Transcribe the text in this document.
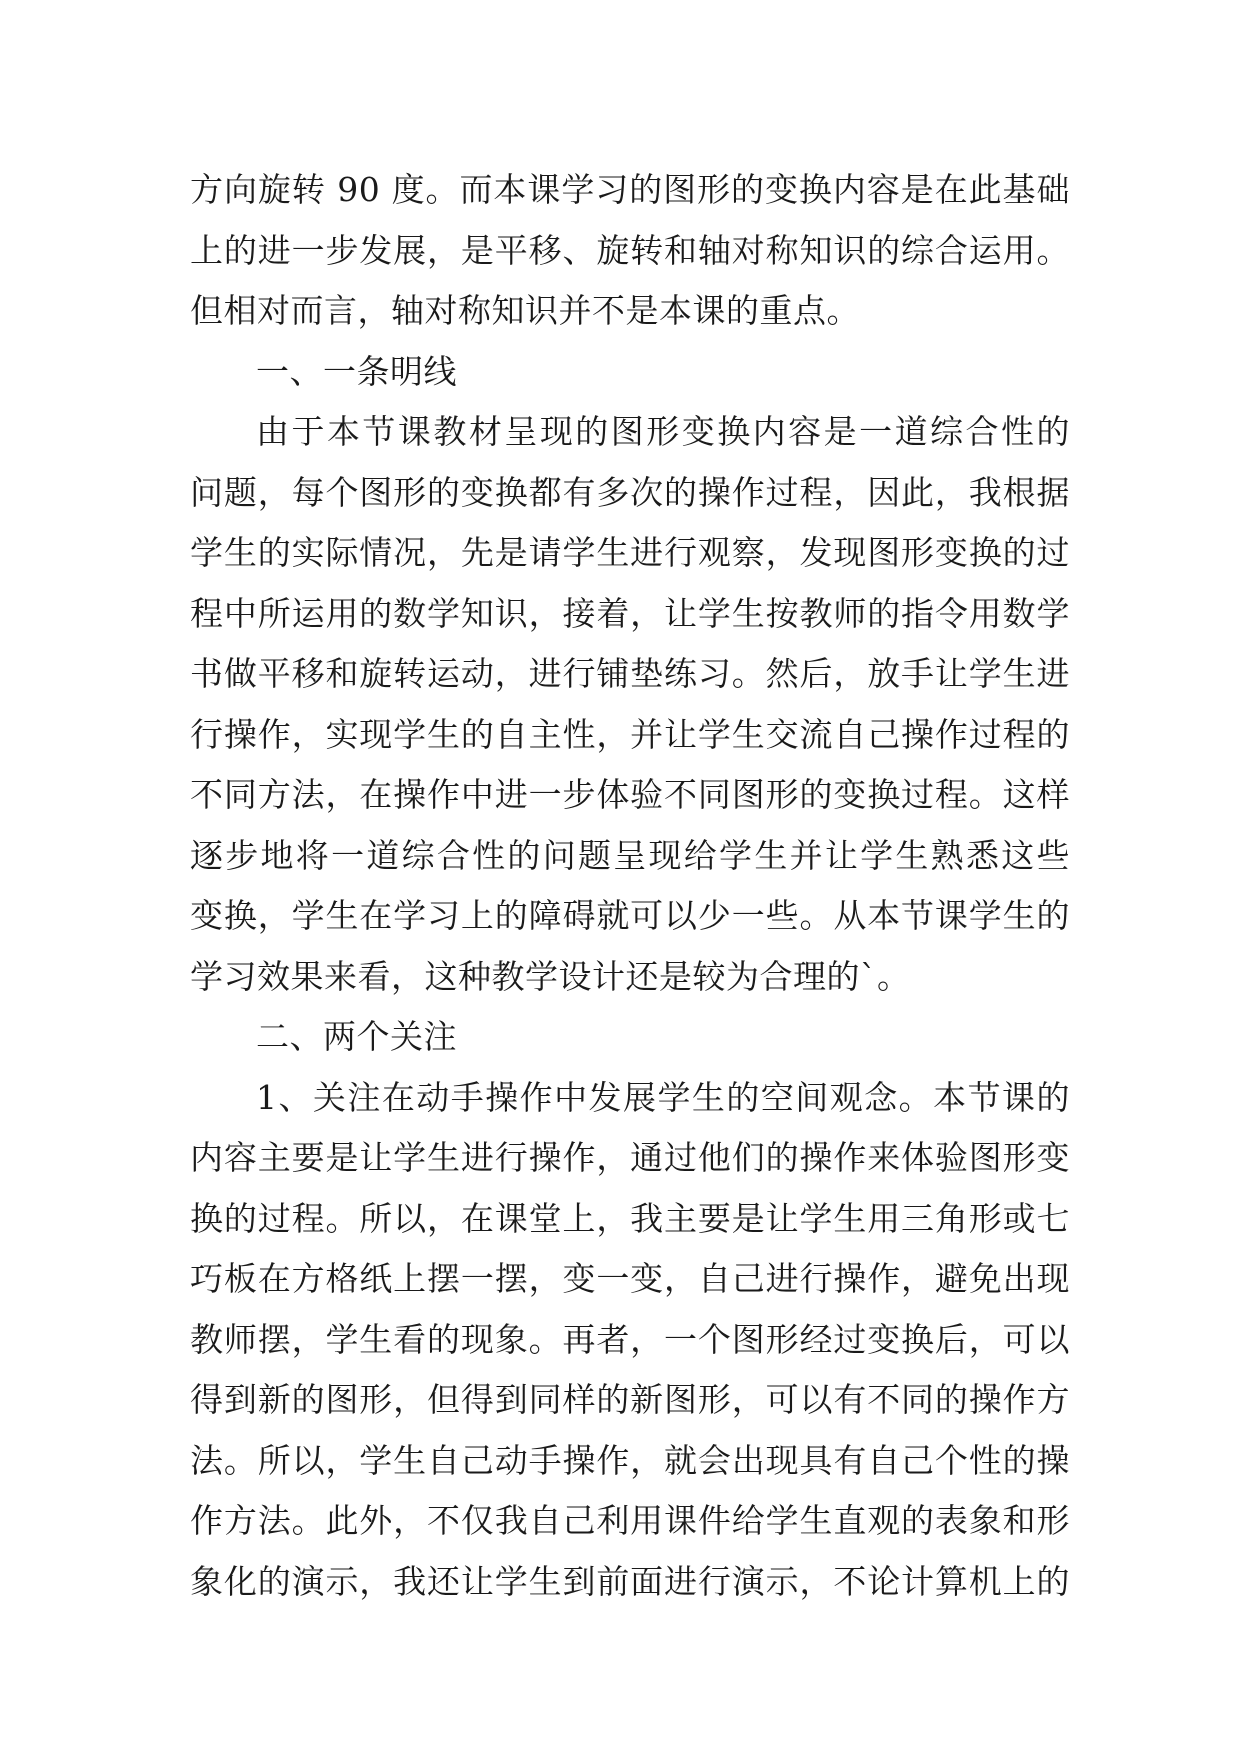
方向旋转 90 度。而本课学习的图形的变换内容是在此基础
上的进一步发展，是平移、旋转和轴对称知识的综合运用。
但相对而言，轴对称知识并不是本课的重点。
一、一条明线
由于本节课教材呈现的图形变换内容是一道综合性的
问题，每个图形的变换都有多次的操作过程，因此，我根据
学生的实际情况，先是请学生进行观察，发现图形变换的过
程中所运用的数学知识，接着，让学生按教师的指令用数学
书做平移和旋转运动，进行铺垫练习。然后，放手让学生进
行操作，实现学生的自主性，并让学生交流自己操作过程的
不同方法，在操作中进一步体验不同图形的变换过程。这样
逐步地将一道综合性的问题呈现给学生并让学生熟悉这些
变换，学生在学习上的障碍就可以少一些。从本节课学生的
学习效果来看，这种教学设计还是较为合理的`。
二、两个关注
1、关注在动手操作中发展学生的空间观念。本节课的
内容主要是让学生进行操作，通过他们的操作来体验图形变
换的过程。所以，在课堂上，我主要是让学生用三角形或七
巧板在方格纸上摆一摆，变一变，自己进行操作，避免出现
教师摆，学生看的现象。再者，一个图形经过变换后，可以
得到新的图形，但得到同样的新图形，可以有不同的操作方
法。所以，学生自己动手操作，就会出现具有自己个性的操
作方法。此外，不仅我自己利用课件给学生直观的表象和形
象化的演示，我还让学生到前面进行演示，不论计算机上的
